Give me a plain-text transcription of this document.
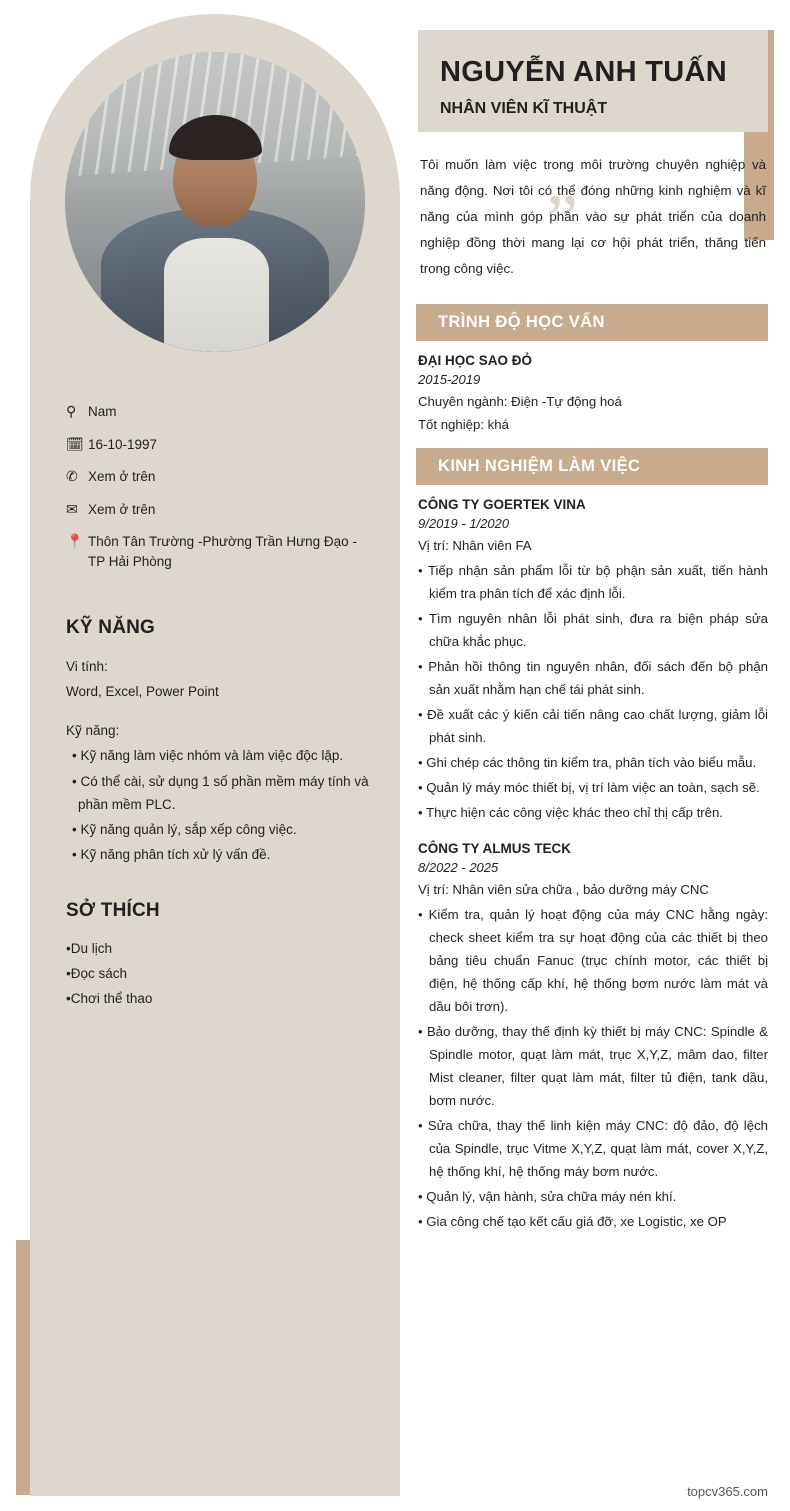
⚲ Nam
🗓 16-10-1997
✆ Xem ở trên
✉ Xem ở trên
📍 Thôn Tân Trường -Phường Trần Hưng Đạo - TP Hải Phòng
KỸ NĂNG

Vi tính:

Word, Excel, Power Point

Kỹ năng:

• Kỹ năng làm việc nhóm và làm việc độc lập.
• Có thể cài, sử dụng 1 số phần mềm máy tính và phần mềm PLC.
• Kỹ năng quản lý, sắp xếp công việc.
• Kỹ năng phân tích xử lý vấn đề.
SỞ THÍCH
•Du lịch
•Đọc sách
•Chơi thể thao
NGUYỄN ANH TUẤN
NHÂN VIÊN KĨ THUẬT
”
Tôi muốn làm việc trong môi trường chuyên nghiệp và năng động. Nơi tôi có thể đóng những kinh nghiệm và kĩ năng của mình góp phần vào sự phát triển của doanh nghiệp đồng thời mang lại cơ hội phát triển, thăng tiến trong công việc.
TRÌNH ĐỘ HỌC VẤN
ĐẠI HỌC SAO ĐỎ
2015-2019
Chuyên ngành: Điện -Tự động hoá
Tốt nghiệp: khá
KINH NGHIỆM LÀM VIỆC
CÔNG TY GOERTEK VINA
9/2019 - 1/2020
Vị trí: Nhân viên FA
• Tiếp nhận sản phẩm lỗi từ bộ phận sản xuất, tiến hành kiểm tra phân tích để xác định lỗi.
• Tìm nguyên nhân lỗi phát sinh, đưa ra biện pháp sửa chữa khắc phục.
• Phản hồi thông tin nguyên nhân, đối sách đến bộ phận sản xuất nhằm hạn chế tái phát sinh.
• Đề xuất các ý kiến cải tiến nâng cao chất lượng, giảm lỗi phát sinh.
• Ghi chép các thông tin kiểm tra, phân tích vào biểu mẫu.
• Quản lý máy móc thiết bị, vị trí làm việc an toàn, sạch sẽ.
• Thực hiện các công việc khác theo chỉ thị cấp trên.
CÔNG TY ALMUS TECK
8/2022 - 2025
Vị trí: Nhân viên sửa chữa , bảo dưỡng máy CNC
• Kiểm tra, quản lý hoạt động của máy CNC hằng ngày: check sheet kiểm tra sự hoạt động của các thiết bị theo bảng tiêu chuẩn Fanuc (trục chính motor, các thiết bị điện, hệ thống cấp khí, hệ thống bơm nước làm mát và dầu bôi trơn).
• Bảo dưỡng, thay thế định kỳ thiết bị máy CNC: Spindle & Spindle motor, quạt làm mát, trục X,Y,Z, mâm dao, filter Mist cleaner, filter quạt làm mát, filter tủ điện, tank dầu, bơm nước.
• Sửa chữa, thay thế linh kiện máy CNC: độ đảo, độ lệch của Spindle, trục Vitme X,Y,Z, quạt làm mát, cover X,Y,Z, hệ thống khí, hệ thống máy bơm nước.
• Quản lý, vận hành, sửa chữa máy nén khí.
• Gia công chế tạo kết cấu giá đỡ, xe Logistic, xe OP
topcv365.com
